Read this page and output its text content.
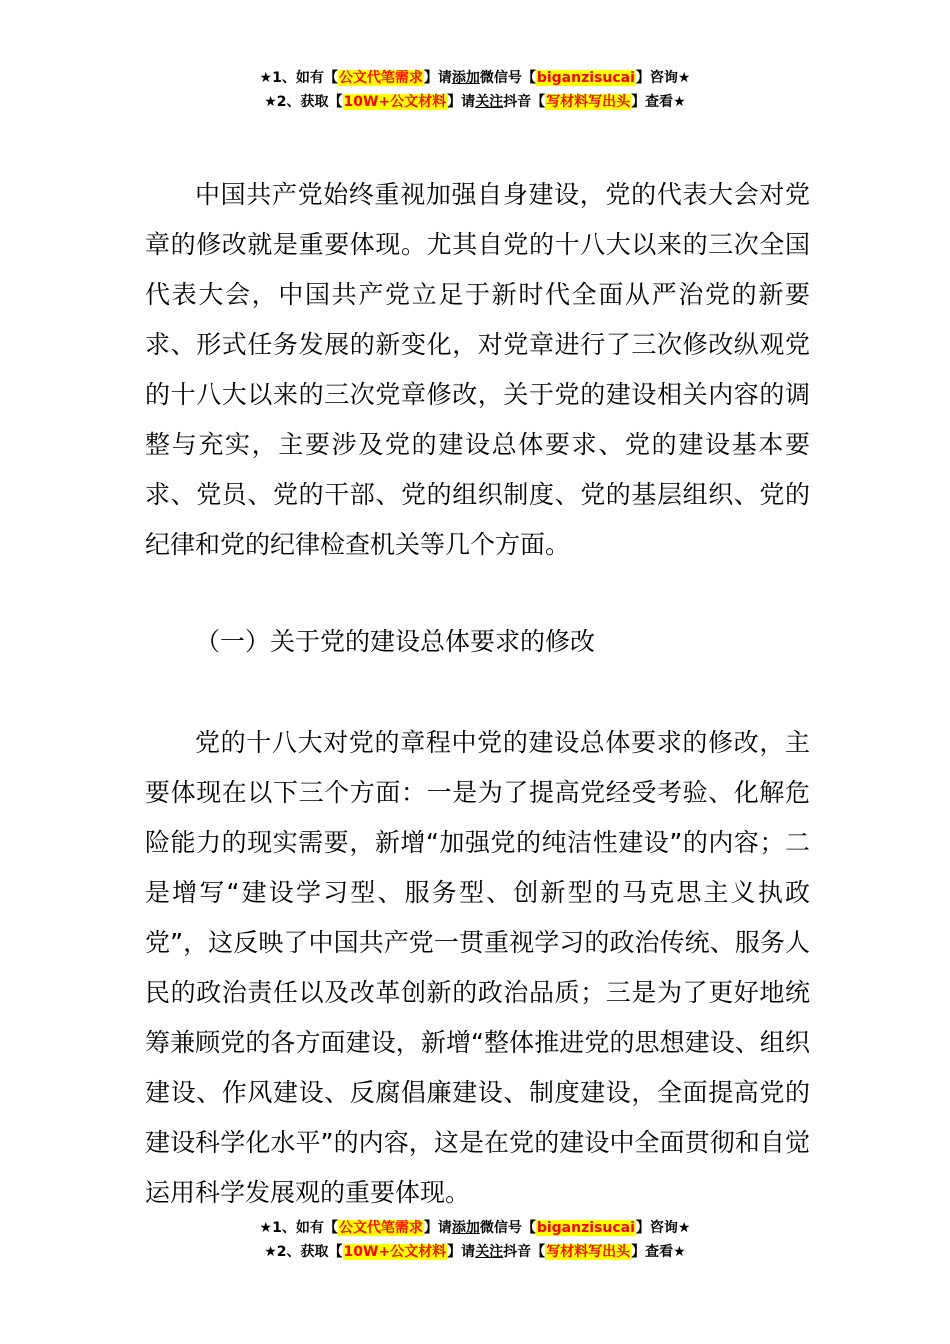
★1、如有【公文代笔需求】请添加微信号【biganzisucai】咨询★
★2、获取【10W+公文材料】请关注抖音【写材料写出头】查看★

中国共产党始终重视加强自身建设，党的代表大会对党章的修改就是重要体现。尤其自党的十八大以来的三次全国代表大会，中国共产党立足于新时代全面从严治党的新要求、形式任务发展的新变化，对党章进行了三次修改纵观党的十八大以来的三次党章修改，关于党的建设相关内容的调整与充实，主要涉及党的建设总体要求、党的建设基本要求、党员、党的干部、党的组织制度、党的基层组织、党的纪律和党的纪律检查机关等几个方面。

（一）关于党的建设总体要求的修改

党的十八大对党的章程中党的建设总体要求的修改，主要体现在以下三个方面：一是为了提高党经受考验、化解危险能力的现实需要，新增“加强党的纯洁性建设”的内容；二是增写“建设学习型、服务型、创新型的马克思主义执政党”，这反映了中国共产党一贯重视学习的政治传统、服务人民的政治责任以及改革创新的政治品质；三是为了更好地统筹兼顾党的各方面建设，新增“整体推进党的思想建设、组织建设、作风建设、反腐倡廉建设、制度建设，全面提高党的建设科学化水平”的内容，这是在党的建设中全面贯彻和自觉运用科学发展观的重要体现。

★1、如有【公文代笔需求】请添加微信号【biganzisucai】咨询★
★2、获取【10W+公文材料】请关注抖音【写材料写出头】查看★
